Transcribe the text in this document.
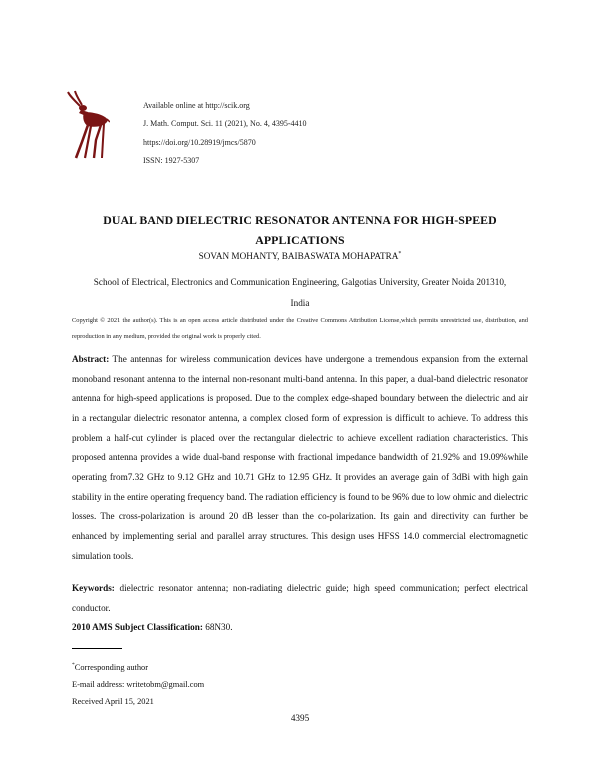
Available online at http://scik.org
J. Math. Comput. Sci. 11 (2021), No. 4, 4395-4410
https://doi.org/10.28919/jmcs/5870
ISSN: 1927-5307
DUAL BAND DIELECTRIC RESONATOR ANTENNA FOR HIGH-SPEED
APPLICATIONS
SOVAN MOHANTY, BAIBASWATA MOHAPATRA*
School of Electrical, Electronics and Communication Engineering, Galgotias University, Greater Noida 201310,
India
Copyright © 2021 the author(s). This is an open access article distributed under the Creative Commons Attribution License,which permits unrestricted use, distribution, and reproduction in any medium, provided the original work is properly cited.
Abstract: The antennas for wireless communication devices have undergone a tremendous expansion from the external monoband resonant antenna to the internal non-resonant multi-band antenna. In this paper, a dual-band dielectric resonator antenna for high-speed applications is proposed. Due to the complex edge-shaped boundary between the dielectric and air in a rectangular dielectric resonator antenna, a complex closed form of expression is difficult to achieve. To address this problem a half-cut cylinder is placed over the rectangular dielectric to achieve excellent radiation characteristics. This proposed antenna provides a wide dual-band response with fractional impedance bandwidth of 21.92% and 19.09%while operating from7.32 GHz to 9.12 GHz and 10.71 GHz to 12.95 GHz. It provides an average gain of 3dBi with high gain stability in the entire operating frequency band. The radiation efficiency is found to be 96% due to low ohmic and dielectric losses. The cross-polarization is around 20 dB lesser than the co-polarization. Its gain and directivity can further be enhanced by implementing serial and parallel array structures. This design uses HFSS 14.0 commercial electromagnetic simulation tools.
Keywords: dielectric resonator antenna; non-radiating dielectric guide; high speed communication; perfect electrical conductor.
2010 AMS Subject Classification: 68N30.
*Corresponding author
E-mail address: writetobm@gmail.com
Received April 15, 2021
4395
